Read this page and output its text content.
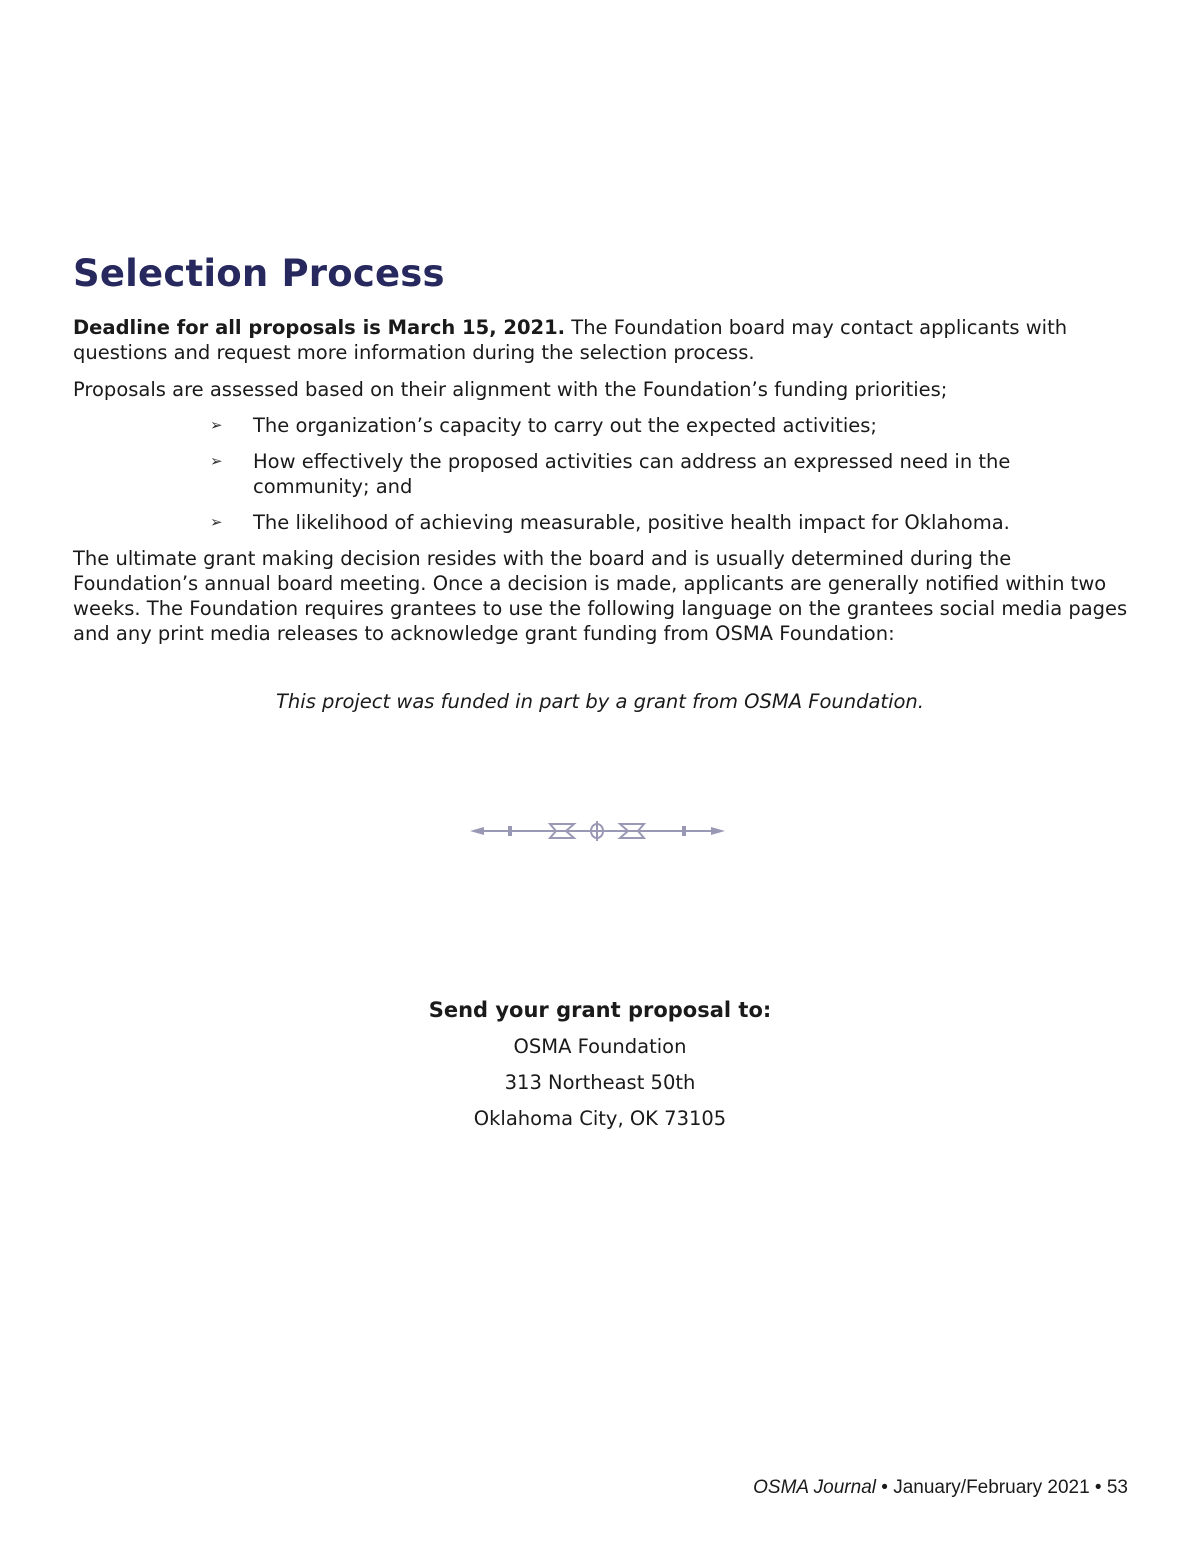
Selection Process

Deadline for all proposals is March 15, 2021. The Foundation board may contact applicants with questions and request more information during the selection process.

Proposals are assessed based on their alignment with the Foundation’s funding priorities;

➢ The organization’s capacity to carry out the expected activities;
➢ How effectively the proposed activities can address an expressed need in the community; and
➢ The likelihood of achieving measurable, positive health impact for Oklahoma.

The ultimate grant making decision resides with the board and is usually determined during the Foundation’s annual board meeting. Once a decision is made, applicants are generally notified within two weeks. The Foundation requires grantees to use the following language on the grantees social media pages and any print media releases to acknowledge grant funding from OSMA Foundation:

This project was funded in part by a grant from OSMA Foundation.

Send your grant proposal to:

OSMA Foundation

313 Northeast 50th

Oklahoma City, OK 73105

OSMA Journal • January/February 2021 • 53
